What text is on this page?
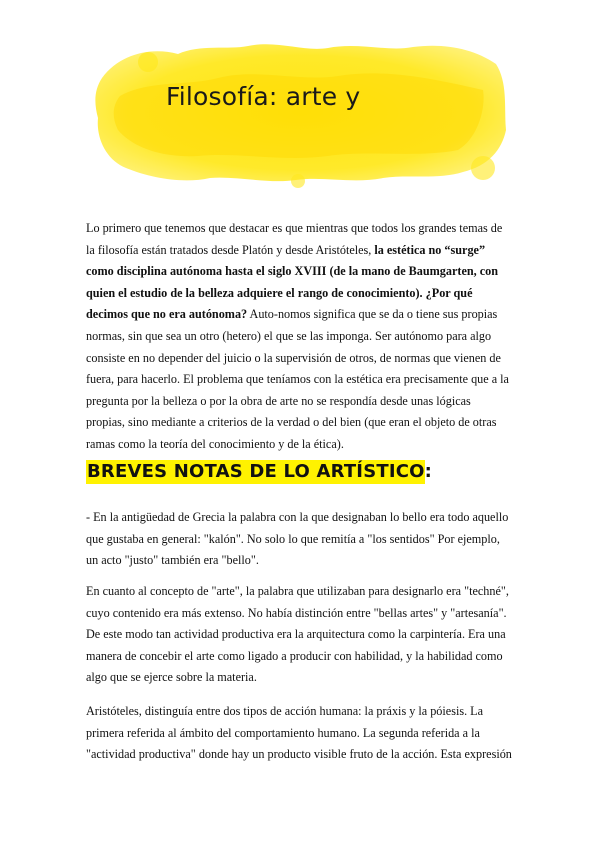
Filosofía: arte y
Lo primero que tenemos que destacar es que mientras que todos los grandes temas de la filosofía están tratados desde Platón y desde Aristóteles, la estética no “surge” como disciplina autónoma hasta el siglo XVIII (de la mano de Baumgarten, con quien el estudio de la belleza adquiere el rango de conocimiento). ¿Por qué decimos que no era autónoma? Auto-nomos significa que se da o tiene sus propias normas, sin que sea un otro (hetero) el que se las imponga. Ser autónomo para algo consiste en no depender del juicio o la supervisión de otros, de normas que vienen de fuera, para hacerlo. El problema que teníamos con la estética era precisamente que a la pregunta por la belleza o por la obra de arte no se respondía desde unas lógicas propias, sino mediante a criterios de la verdad o del bien (que eran el objeto de otras ramas como la teoría del conocimiento y de la ética).
BREVES NOTAS DE LO ARTÍSTICO:
- En la antigüedad de Grecia la palabra con la que designaban lo bello era todo aquello que gustaba en general: "kalón". No solo lo que remitía a "los sentidos" Por ejemplo, un acto "justo" también era "bello".
En cuanto al concepto de "arte", la palabra que utilizaban para designarlo era "techné", cuyo contenido era más extenso. No había distinción entre "bellas artes" y "artesanía". De este modo tan actividad productiva era la arquitectura como la carpintería. Era una manera de concebir el arte como ligado a producir con habilidad, y la habilidad como algo que se ejerce sobre la materia.
Aristóteles, distinguía entre dos tipos de acción humana: la práxis y la póiesis. La primera referida al ámbito del comportamiento humano. La segunda referida a la "actividad productiva" donde hay un producto visible fruto de la acción. Esta expresión
